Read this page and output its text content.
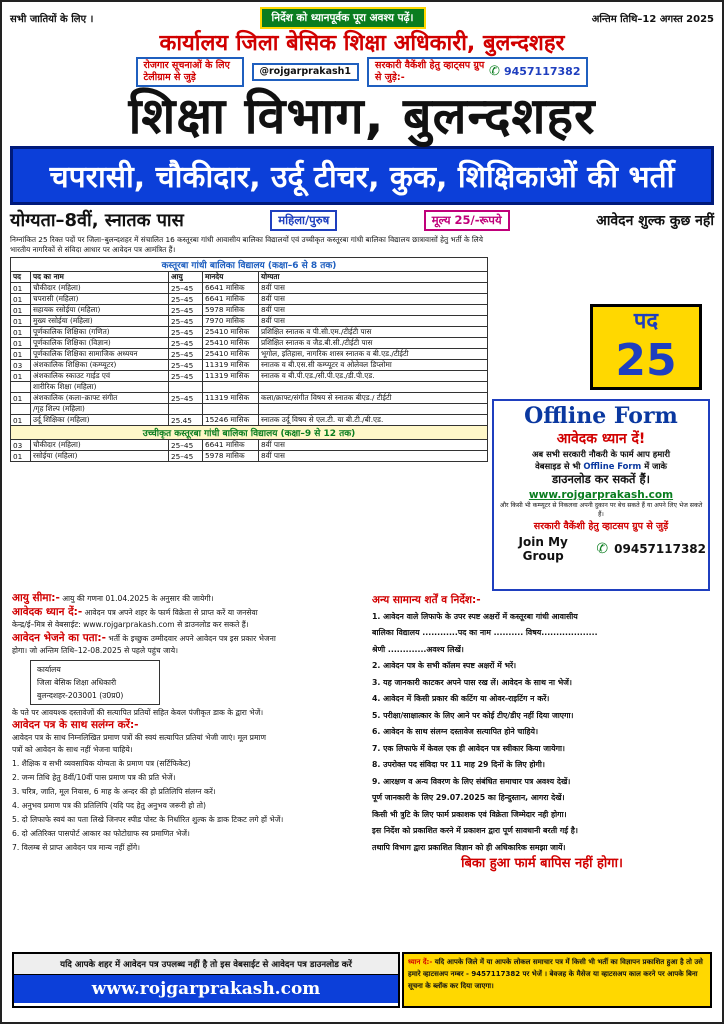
सभी जातियों के लिए ।	निर्देश को ध्यानपूर्वक पूरा अवश्य पढ़ें।	अन्तिम तिथि–12 अगस्त 2025
कार्यालय जिला बेसिक शिक्षा अधिकारी, बुलन्दशहर
रोजगार सूचनाओं के लिए टेलीग्राम से जुड़े
@rojgarprakash1
सरकारी वैकेंशी हेतु व्हाट्सप ग्रुप से जुड़े:-	✆ 9457117382
शिक्षा विभाग, बुलन्दशहर
चपरासी, चौकीदार, उर्दू टीचर, कुक, शिक्षिकाओं की भर्ती
योग्यता–8वीं, स्नातक पास	महिला/पुरुष	मूल्य 25/-रूपये	आवेदन शुल्क कुछ नहीं
निम्नांकित 25 रिक्त पदों पर जिला–बुलन्दशहर में संचालित 16 कस्तूरबा गांधी आवासीय बालिका विद्यालयों एवं उच्चीकृत कस्तूरबा गांधी बालिका विद्यालय छात्रावासों हेतु भर्ती के लिये भारतीय नागरिकों से संविदा आधार पर आवेदन पत्र आमंत्रित हैं।
पद
25
कस्तूरबा गांधी बालिका विद्यालय (कक्षा–6 से 8 तक)				
पद	पद का नाम	आयु	मानदेय	योग्यता
01	चौकीदार (महिला)	25–45	6641 मासिक	8वीं पास
01	चपरासी (महिला)	25–45	6641 मासिक	8वीं पास
01	सहायक रसोईया (महिला)	25–45	5978 मासिक	8वीं पास
01	मुख्य रसोईया (महिला)	25–45	7970 मासिक	8वीं पास
01	पूर्णकालिक शिक्षिका (गणित)	25–45	25410 मासिक	प्रशिक्षित स्नातक व पी.सी.एम./टीईटी पास
01	पूर्णकालिक शिक्षिका (विज्ञान)	25–45	25410 मासिक	प्रशिक्षित स्नातक व जैड.बी.सी./टीईटी पास
01	पूर्णकालिक शिक्षिका सामाजिक अध्ययन	25–45	25410 मासिक	भूगोल, इतिहास, नागरिक शास्त्र स्नातक व बी.एड./टीईटी
03	अंशकालिक शिक्षिका (कम्प्यूटर)	25–45	11319 मासिक	स्नातक व बी.एस.सी कम्प्यूटर व ओलेवल डिप्लोमा
01	अंशकालिक स्काउट गाईड एवं	25–45	11319 मासिक	स्नातक व बी.पी.एड./सी.पी.एड./डी.पी.एड.
	शारीरिक शिक्षा (महिला)			
01	अंशकालिक (कला–क्राफ्ट संगीत	25–45	11319 मासिक	कला/क्राफ्ट/संगीत विषय से स्नातक बीएड./ टीईटी
	/गृह शिल्प (महिला)			
01	उर्दू शिक्षिका (महिला)	25.45	15246 मासिक	स्नातक उर्दू विषय से एल.टी. या बी.टी./बी.एड.
उच्चीकृत कस्तूरबा गांधी बालिका विद्यालय (कक्षा–9 से 12 तक)				
03	चौकीदार (महिला)	25–45	6641 मासिक	8वीं पास
01	रसोईया (महिला)	25–45	5978 मासिक	8वीं पास
Offline Form
आवेदक ध्यान दें!
अब सभी सरकारी नौकरी के फार्म आप हमारी
वेबसाइड से भी Offline Form में जाके
डाउनलोड कर सकतें हैं।
www.rojgarprakash.com
और किसी भी कम्प्यूटर से निकलवा अपनी दुकान पर बेच सकते हैं या अपने लिए भेज सकते हैं।
सरकारी वैकेंशी हेतु व्हाटसप ग्रुप से जुड़ें
Join My Group	✆ 09457117382
आयु सीमा:- आयु की गणना 01.04.2025 के अनुसार की जायेगी।
आवेदक ध्यान दें:- आवेदन पत्र अपने शहर के फार्म विक्रेता से प्राप्त करें या जनसेवा
केन्द्र/ई–मित्र से वेबसाईट: www.rojgarprakash.com से डाउनलोड कर सकते हैं।
आवेदन भेजने का पता:- भर्ती के इच्छुक उम्मीदवार अपने आवेदन पत्र इस प्रकार भेजना
होगा। जो अन्तिम तिथि–12-08.2025 से पहले पहुंच जाये।
कार्यालय
जिला बेसिक शिक्षा अधिकारी
बुलन्दशहर-203001 (उ0प्र0)
के पते पर आवयश्क दस्तावेजों की सत्यापित प्रतियों सहित केवल पंजीकृत डाक के द्वारा भेजें।
आवेदन पत्र के साथ सलंग्न करें:-
आवेदन पत्र के साथ निम्नलिखित प्रमाण पत्रों की स्वयं सत्यापित प्रतियां भेजी जाएं। मूल प्रमाण
पत्रों को आवेदन के साथ नहीं भेजना चाहिये।
1. शैक्षिक व सभी व्यवसायिक योग्यता के प्रमाण पत्र (सर्टिफिकेट)
2. जन्म तिथि हेतु 8वीं/10वीं पास प्रमाण पत्र की प्रति भेजें।
3. चरित्र, जाति, मूल निवास, 6 माह के अन्दर की हो प्रतिलिपि संलग्न करें।
4. अनुभव प्रमाण पत्र की प्रतिलिपि (यदि पद हेतु अनुभव जरूरी हो तो)
5. दो लिफाफे स्वयं का पता लिखे जिनपर स्पीड पोस्ट के निर्धारित शुल्क के डाक टिकट लगे हों भेजें।
6. दो अतिरिक्त पासपोर्ट आकार का फोटोग्राफ स्व प्रमाणित भेजें।
7. विलम्ब से प्राप्त आवेदन पत्र मान्य नहीं होंगे।
अन्य सामान्य शर्तें व निर्देश:-
1. आवेदन वाले लिफाफे के उपर स्पष्ट अक्षरों में कस्तूरबा गांधी आवासीय
बालिका विद्यालय ............पद का नाम .......... विषय...................
श्रेणी .............अवश्य लिखें।
2. आवेदन पत्र के सभी कॉलम स्पष्ट अक्षरों में भरें।
3. यह जानकारी काटकर अपने पास रख लें। आवेदन के साथ ना भेजें।
4. आवेदन में किसी प्रकार की कटिंग या ओवर-राइटिंग न करें।
5. परीक्षा/साक्षात्कार के लिए आने पर कोई टीए/डीए नहीं दिया जाएगा।
6. आवेदन के साथ संलग्न दस्तावेज सत्यापित होने चाहिये।
7. एक लिफाफे में केवल एक ही आवेदन पत्र स्वीकार किया जायेगा।
8. उपरोक्त पद संविदा पर 11 माह 29 दिनों के लिए होगी।
9. आरक्षण व अन्य विवरण के लिए संबंधित समाचार पत्र अवश्य देखें।
पूर्ण जानकारी के लिए 29.07.2025 का हिन्दुस्तान, आगरा देखें।
किसी भी त्रुटि के लिए फार्म प्रकाशक एवं विक्रेता जिम्मेदार नही होगा।
इस निर्देश को प्रकाशित करने में प्रकाशन द्वारा पूर्ण सावधानी बरती गई है।
तथापि विभाग द्वारा प्रकाशित विज्ञान को ही अधिकारिक समझा जायें।
बिका हुआ फार्म बापिस नहीं होगा।
यदि आपके शहर में आवेदन पत्र उपलब्ध नहीं है तो इस वेबसाईट से आवेदन पत्र डाउनलोड करें
www.rojgarprakash.com
ध्यान दें:- यदि आपके जिले में या आपके लोकल समाचार पत्र में किसी भी भर्ती का विज्ञापन प्रकाशित हुआ है तो उसे हमारे व्हाटसअप नम्बर - 9457117382 पर भेजें । बेवजह के मैसेज या व्हाटसअप काल करने पर आपके बिना सूचना के ब्लॉक कर दिया जाएगा।
